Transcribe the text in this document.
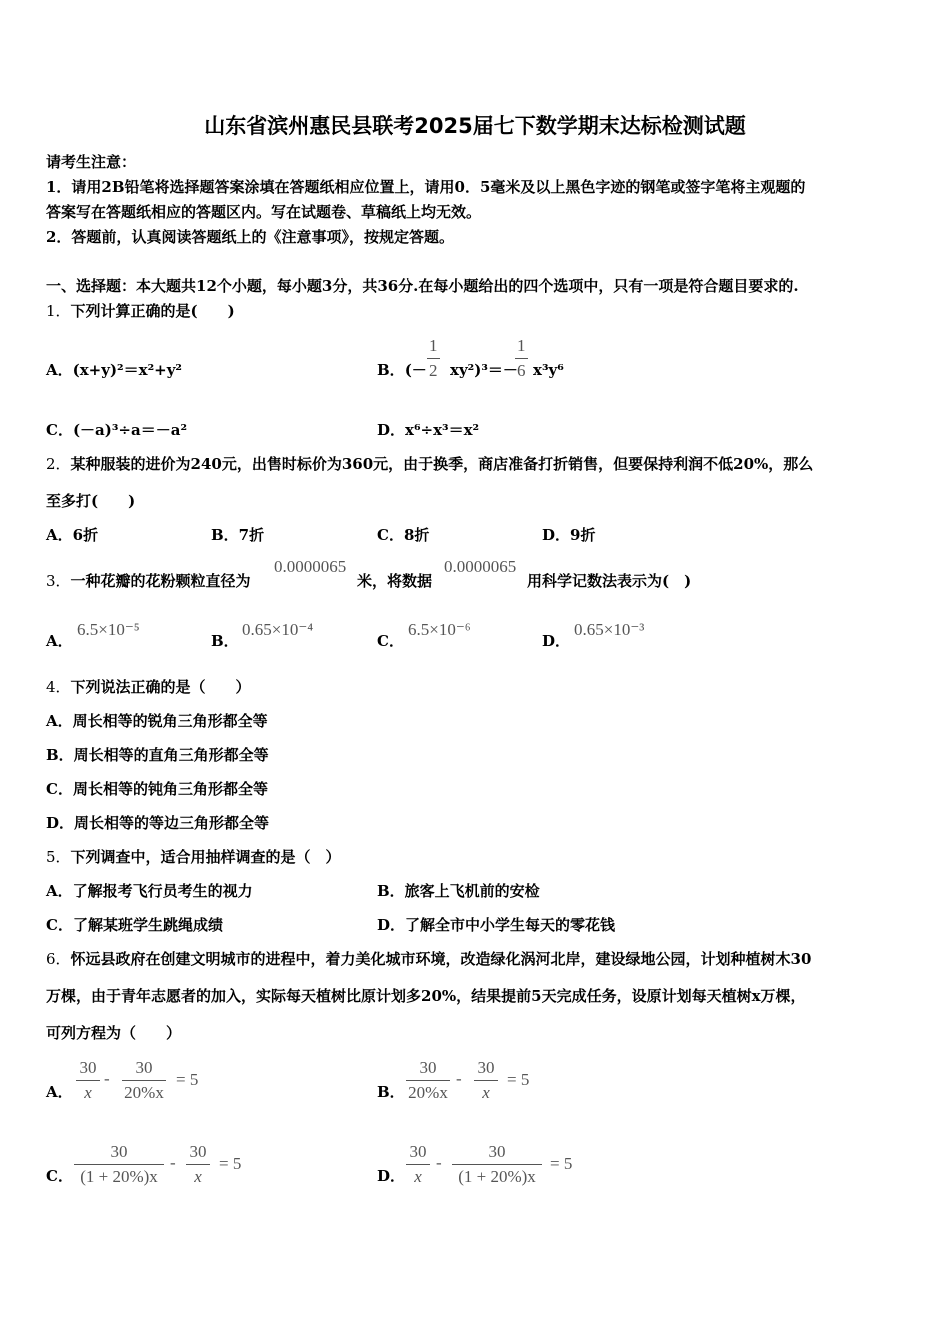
山东省滨州惠民县联考2025届七下数学期末达标检测试题
请考生注意：
1．请用2B铅笔将选择题答案涂填在答题纸相应位置上，请用0．5毫米及以上黑色字迹的钢笔或签字笔将主观题的
答案写在答题纸相应的答题区内。写在试题卷、草稿纸上均无效。
2．答题前，认真阅读答题纸上的《注意事项》，按规定答题。
一、选择题：本大题共12个小题，每小题3分，共36分.在每小题给出的四个选项中，只有一项是符合题目要求的.
1．下列计算正确的是(　　)
A．(x+y)²＝x²+y²	B．(－ $\frac{1}{2} xy^2)^3=-$
$\frac{1}{6} x^3y^6$
C．(－a)³÷a＝－a²	D．x⁶÷x³＝x²
2．某种服装的进价为240元，出售时标价为360元，由于换季，商店准备打折销售，但要保持利润不低20%，那么
至多打(　　)
A．6折	B．7折	C．8折	D．9折
3．一种花瓣的花粉颗粒直径为
0.0000065
米，将数据
0.0000065
用科学记数法表示为(　)
A．
6.5×10⁻⁵
B．
0.65×10⁻⁴
C．
6.5×10⁻⁶
D．
0.65×10⁻³
4．下列说法正确的是（　　）
A．周长相等的锐角三角形都全等
B．周长相等的直角三角形都全等
C．周长相等的钝角三角形都全等
D．周长相等的等边三角形都全等
5．下列调查中，适合用抽样调查的是（　）
A．了解报考飞行员考生的视力	B．旅客上飞机前的安检
C．了解某班学生跳绳成绩	D．了解全市中小学生每天的零花钱
6．怀远县政府在创建文明城市的进程中，着力美化城市环境，改造绿化涡河北岸，建设绿地公园，计划种植树木30
万棵，由于青年志愿者的加入，实际每天植树比原计划多20%，结果提前5天完成任务，设原计划每天植树x万棵，
可列方程为（　　）
A． $\frac{30}{x} - \frac{30}{20\%x} = 5$
B． $\frac{30}{20\%x} - \frac{30}{x} = 5$
C． $\frac{30}{(1 + 20\%)x} - \frac{30}{x} = 5$
D． $\frac{30}{x} - \frac{30}{(1 + 20\%)x} = 5$
